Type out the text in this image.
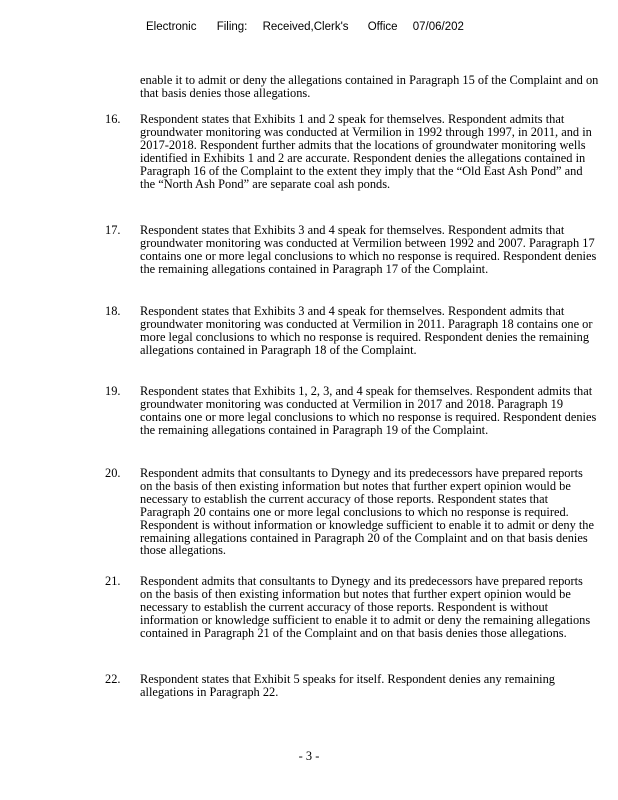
Electronic Filing: Received,Clerk's Office 07/06/202
enable it to admit or deny the allegations contained in Paragraph 15 of the Complaint and on that basis denies those allegations.
16. Respondent states that Exhibits 1 and 2 speak for themselves. Respondent admits that groundwater monitoring was conducted at Vermilion in 1992 through 1997, in 2011, and in 2017-2018. Respondent further admits that the locations of groundwater monitoring wells identified in Exhibits 1 and 2 are accurate. Respondent denies the allegations contained in Paragraph 16 of the Complaint to the extent they imply that the “Old East Ash Pond” and the “North Ash Pond” are separate coal ash ponds.
17. Respondent states that Exhibits 3 and 4 speak for themselves. Respondent admits that groundwater monitoring was conducted at Vermilion between 1992 and 2007. Paragraph 17 contains one or more legal conclusions to which no response is required. Respondent denies the remaining allegations contained in Paragraph 17 of the Complaint.
18. Respondent states that Exhibits 3 and 4 speak for themselves. Respondent admits that groundwater monitoring was conducted at Vermilion in 2011. Paragraph 18 contains one or more legal conclusions to which no response is required. Respondent denies the remaining allegations contained in Paragraph 18 of the Complaint.
19. Respondent states that Exhibits 1, 2, 3, and 4 speak for themselves. Respondent admits that groundwater monitoring was conducted at Vermilion in 2017 and 2018. Paragraph 19 contains one or more legal conclusions to which no response is required. Respondent denies the remaining allegations contained in Paragraph 19 of the Complaint.
20. Respondent admits that consultants to Dynegy and its predecessors have prepared reports on the basis of then existing information but notes that further expert opinion would be necessary to establish the current accuracy of those reports. Respondent states that Paragraph 20 contains one or more legal conclusions to which no response is required. Respondent is without information or knowledge sufficient to enable it to admit or deny the remaining allegations contained in Paragraph 20 of the Complaint and on that basis denies those allegations.
21. Respondent admits that consultants to Dynegy and its predecessors have prepared reports on the basis of then existing information but notes that further expert opinion would be necessary to establish the current accuracy of those reports. Respondent is without information or knowledge sufficient to enable it to admit or deny the remaining allegations contained in Paragraph 21 of the Complaint and on that basis denies those allegations.
22. Respondent states that Exhibit 5 speaks for itself. Respondent denies any remaining allegations in Paragraph 22.
- 3 -
